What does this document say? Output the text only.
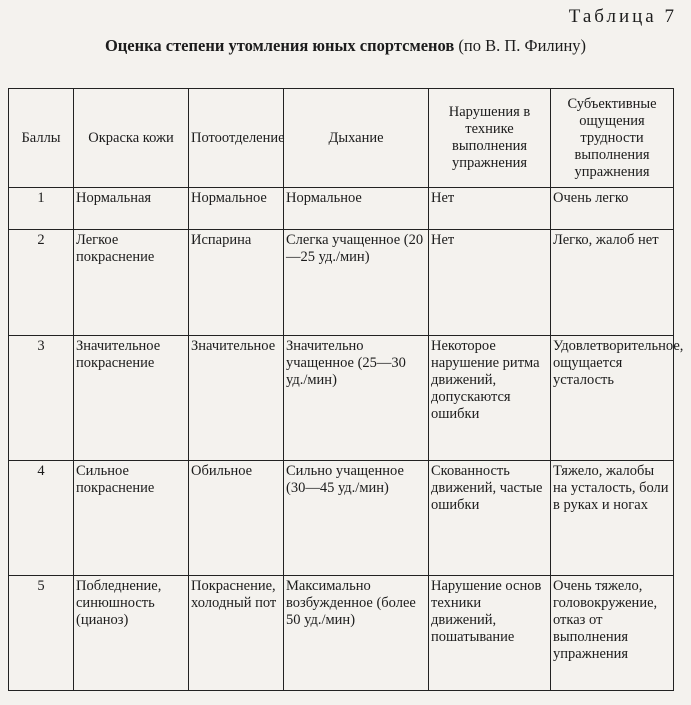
Таблица 7
Оценка степени утомления юных спортсменов (по В. П. Филину)
Баллы	Окраска кожи	Потоотделение	Дыхание	Нарушения в технике выполнения упражнения	Субъективные ощущения трудности выполнения упражнения
1	Нормальная	Нормальное	Нормальное	Нет	Очень легко
2	Легкое покраснение	Испарина	Слегка учащенное (20—25 уд./мин)	Нет	Легко, жалоб нет
3	Значительное покраснение	Значительное	Значительно учащенное (25—30 уд./мин)	Некоторое нарушение ритма движений, допускаются ошибки	Удовлетворительное, ощущается усталость
4	Сильное покраснение	Обильное	Сильно учащенное (30—45 уд./мин)	Скованность движений, частые ошибки	Тяжело, жалобы на усталость, боли в руках и ногах
5	Побледнение, синюшность (цианоз)	Покраснение, холодный пот	Максимально возбужденное (более 50 уд./мин)	Нарушение основ техники движений, пошатывание	Очень тяжело, головокружение, отказ от выполнения упражнения
